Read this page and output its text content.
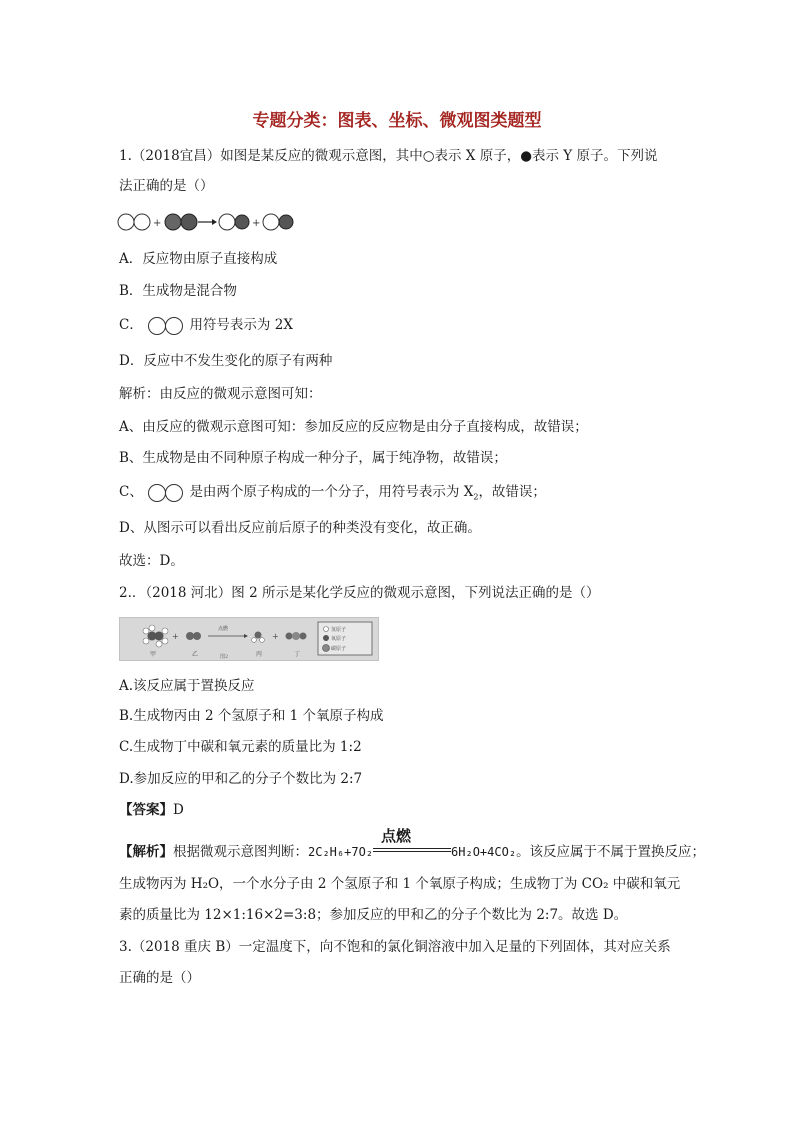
专题分类：图表、坐标、微观图类题型
1.（2018宜昌）如图是某反应的微观示意图，其中○表示 X 原子，●表示 Y 原子。下列说
法正确的是（）
+	+
A．反应物由原子直接构成
B．生成物是混合物
C．	用符号表示为 2X
D．反应中不发生变化的原子有两种
解析：由反应的微观示意图可知：
A、由反应的微观示意图可知：参加反应的反应物是由分子直接构成，故错误；
B、生成物是由不同种原子构成一种分子，属于纯净物，故错误；
C、	是由两个原子构成的一个分子，用符号表示为 $X_2$，故错误；
D、从图示可以看出反应前后原子的种类没有变化，故正确。
故选：D。
2.．（2018 河北）图 2 所示是某化学反应的微观示意图，下列说法正确的是（）
+
点燃
+
甲	乙	图2	丙	丁
氢原子
氧原子
碳原子
A.该反应属于置换反应
B.生成物丙由 2 个氢原子和 1 个氧原子构成
C.生成物丁中碳和氧元素的质量比为 1:2
D.参加反应的甲和乙的分子个数比为 2:7
【答案】D
【解析】根据微观示意图判断：2C₂H₆+7O₂
点燃
6H₂O+4CO₂。该反应属于不属于置换反应；
生成物丙为 H₂O，一个水分子由 2 个氢原子和 1 个氧原子构成；生成物丁为 CO₂ 中碳和氧元
素的质量比为 12×1:16×2=3:8；参加反应的甲和乙的分子个数比为 2:7。故选 D。
3.（2018 重庆 B）一定温度下，向不饱和的氯化铜溶液中加入足量的下列固体，其对应关系
正确的是（）
